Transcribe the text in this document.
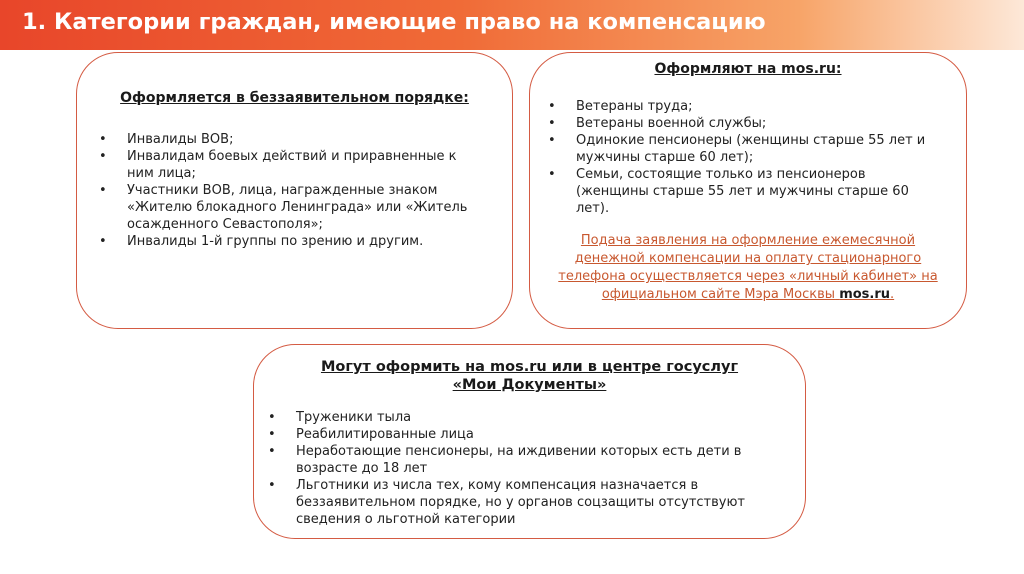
1. Категории граждан, имеющие право на компенсацию
Оформляется в беззаявительном порядке:
•	Инвалиды ВОВ;
•	Инвалидам боевых действий и приравненные к ним лица;
•	Участники ВОВ, лица, награжденные знаком «Жителю блокадного Ленинграда» или «Житель осажденного Севастополя»;
•	Инвалиды 1-й группы по зрению и другим.
Оформляют на mos.ru:
•	Ветераны труда;
•	Ветераны военной службы;
•	Одинокие пенсионеры (женщины старше 55 лет и мужчины старше 60 лет);
•	Семьи, состоящие только из пенсионеров (женщины старше 55 лет и мужчины старше 60 лет).
Подача заявления на оформление ежемесячной денежной компенсации на оплату стационарного телефона осуществляется через «личный кабинет» на официальном сайте Мэра Москвы mos.ru.
Могут оформить на mos.ru или в центре госуслуг
«Мои Документы»
•	Труженики тыла
•	Реабилитированные лица
•	Неработающие пенсионеры, на иждивении которых есть дети в возрасте до 18 лет
•	Льготники из числа тех, кому компенсация назначается в беззаявительном порядке, но у органов соцзащиты отсутствуют сведения о льготной категории
